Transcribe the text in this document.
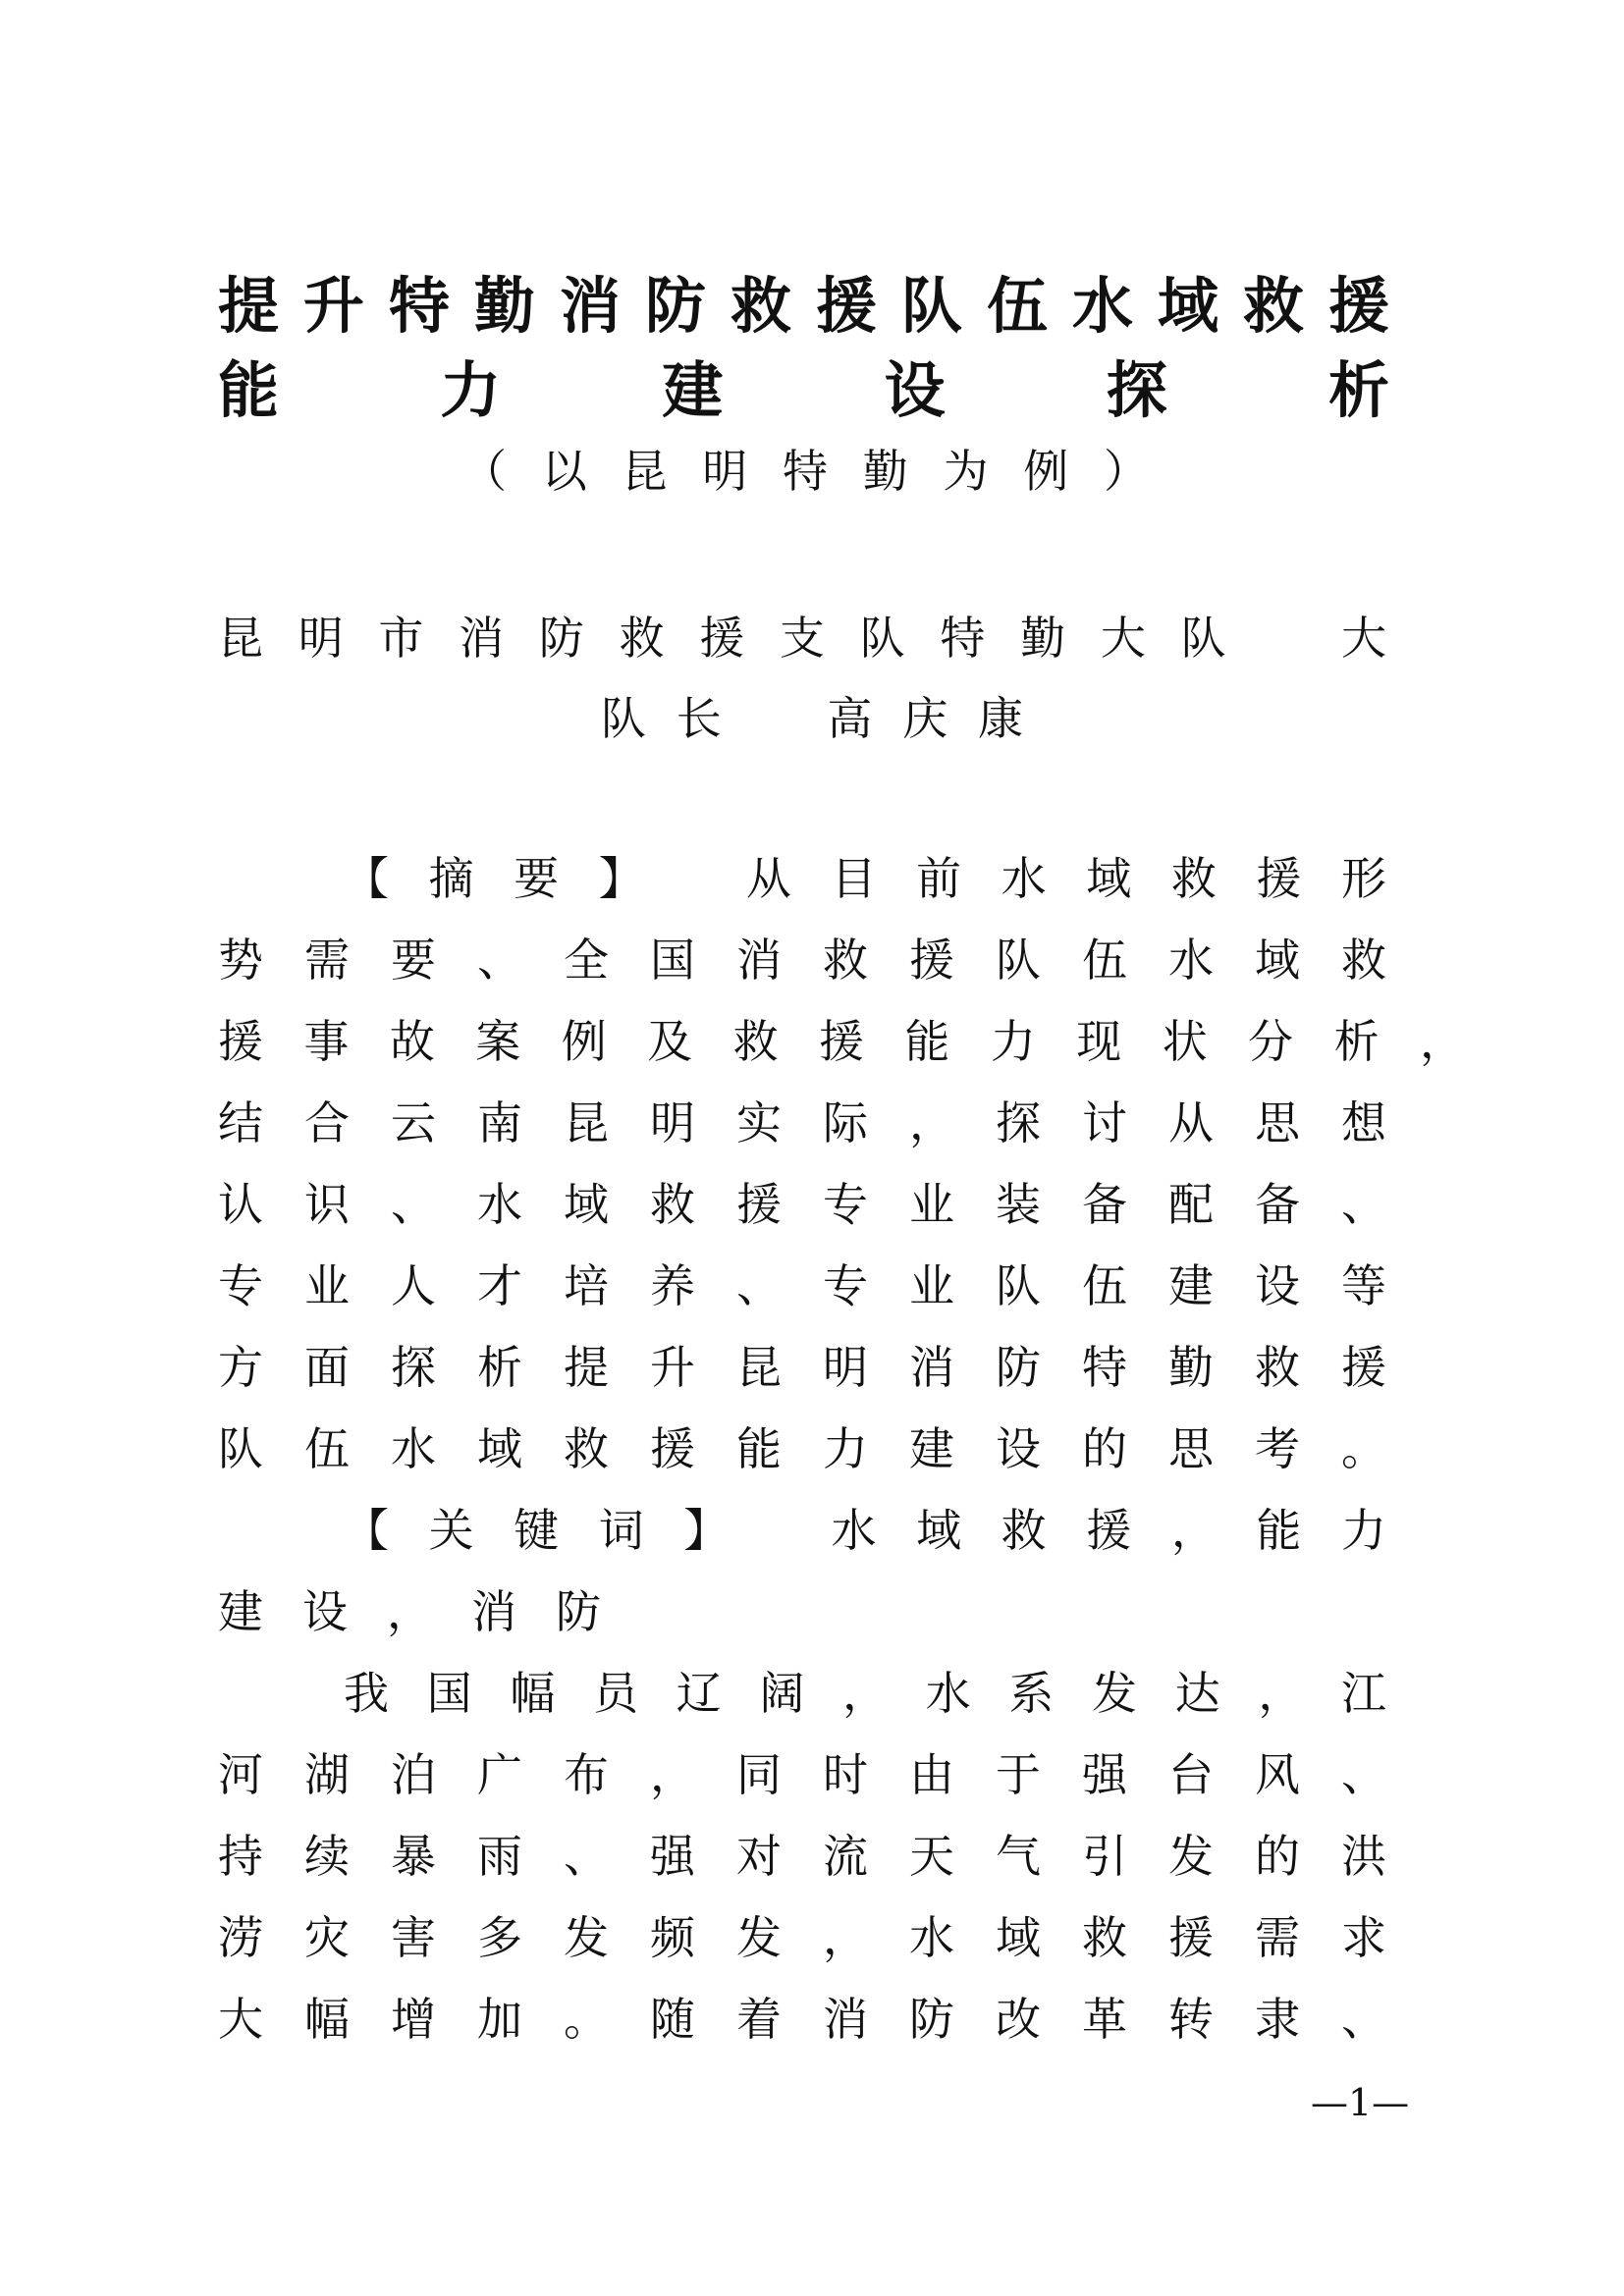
提升特勤消防救援队伍水域救援
能力建设探析
（以昆明特勤为例）
昆明市消防救援支队特勤大队　大
队长　高庆康
【摘要】　从目前水域救援形
势需要、全国消救援队伍水域救
援事故案例及救援能力现状分析，
结合云南昆明实际，探讨从思想
认识、水域救援专业装备配备、
专业人才培养、专业队伍建设等
方面探析提升昆明消防特勤救援
队伍水域救援能力建设的思考。
【关键词】　水域救援，能力
建设，消防
我国幅员辽阔，水系发达，江
河湖泊广布，同时由于强台风、
持续暴雨、强对流天气引发的洪
涝灾害多发频发，水域救援需求
大幅增加。随着消防改革转隶、
—1—
